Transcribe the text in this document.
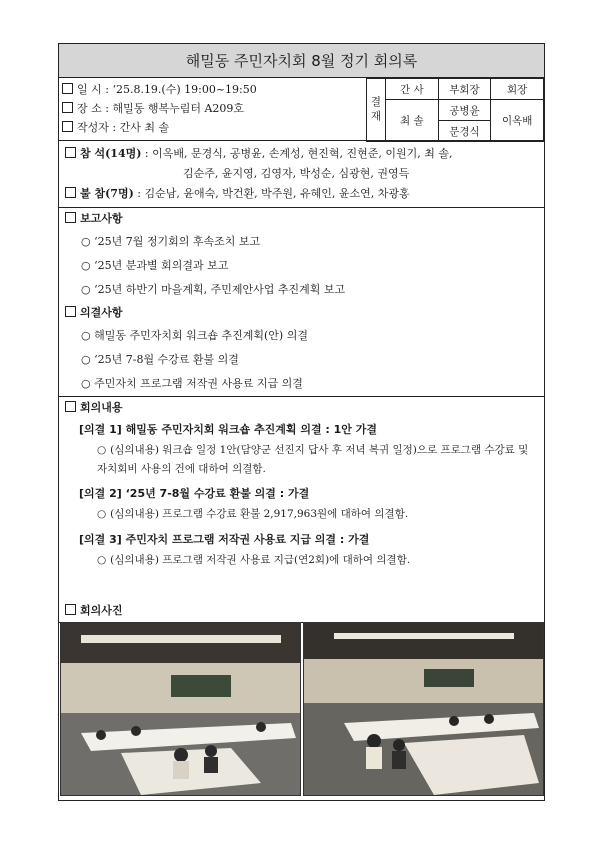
해밀동 주민자치회 8월 정기 회의록
일 시 : ‘25.8.19.(수) 19:00~19:50
장 소 : 해밀동 행복누림터 A209호
작성자 : 간사 최 솔
결재	간 사	부회장	회장
	최 솔	공병윤	이옥배
		문경식	
참 석(14명) : 이옥배, 문경식, 공병윤, 손계성, 현진혁, 진현준, 이원기, 최 솔,
김순주, 윤지영, 김영자, 박성순, 심광현, 권영득
불 참(7명) : 김순남, 윤애숙, 박건환, 박주원, 유혜인, 윤소연, 차광홍
보고사항
○ ‘25년 7월 정기회의 후속조치 보고
○ ‘25년 분과별 회의결과 보고
○ ‘25년 하반기 마을계획, 주민제안사업 추진계획 보고
의결사항
○ 해밀동 주민자치회 워크숍 추진계획(안) 의결
○ ‘25년 7-8월 수강료 환불 의결
○ 주민자치 프로그램 저작권 사용료 지급 의결
회의내용
[의결 1] 해밀동 주민자치회 워크숍 추진계획 의결 : 1안 가결
○ (심의내용) 워크숍 일정 1안(담양군 선진지 답사 후 저녁 복귀 일정)으로 프로그램 수강료 및 자치회비 사용의 건에 대하여 의결함.
[의결 2] ‘25년 7-8월 수강료 환불 의결 : 가결
○ (심의내용) 프로그램 수강료 환불 2,917,963원에 대하여 의결함.
[의결 3] 주민자치 프로그램 저작권 사용료 지급 의결 : 가결
○ (심의내용) 프로그램 저작권 사용료 지급(연2회)에 대하여 의결함.
회의사진
